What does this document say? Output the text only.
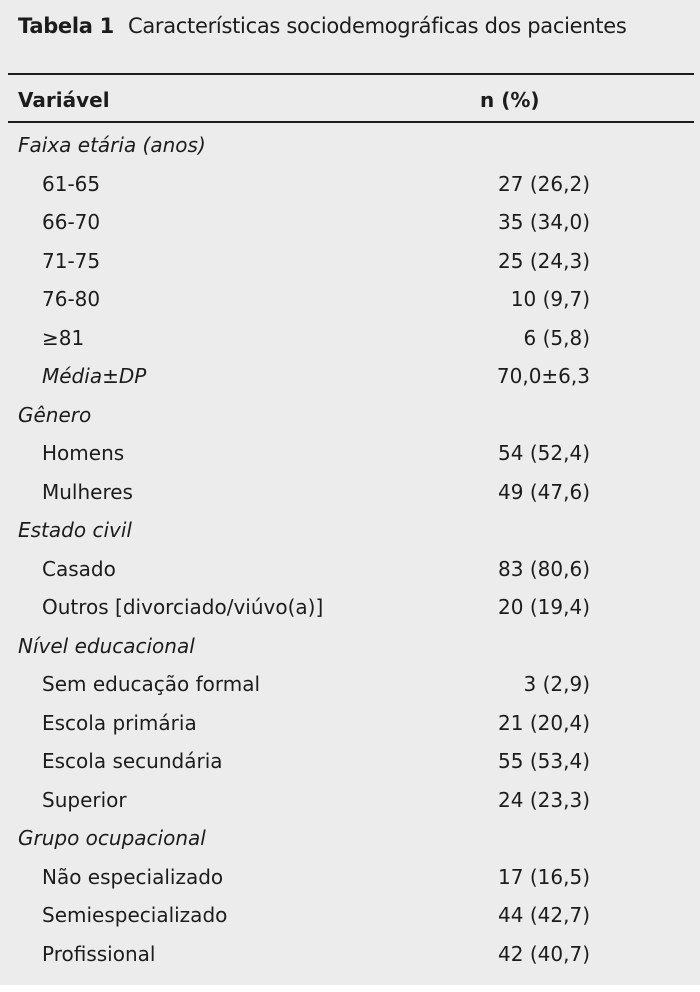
Tabela 1 Características sociodemográficas dos pacientes
Variável	n (%)
Faixa etária (anos)
61-65	27 (26,2)
66-70	35 (34,0)
71-75	25 (24,3)
76-80	10 (9,7)
≥81	6 (5,8)
Média±DP	70,0±6,3
Gênero
Homens	54 (52,4)
Mulheres	49 (47,6)
Estado civil
Casado	83 (80,6)
Outros [divorciado/viúvo(a)]	20 (19,4)
Nível educacional
Sem educação formal	3 (2,9)
Escola primária	21 (20,4)
Escola secundária	55 (53,4)
Superior	24 (23,3)
Grupo ocupacional
Não especializado	17 (16,5)
Semiespecializado	44 (42,7)
Profissional	42 (40,7)
